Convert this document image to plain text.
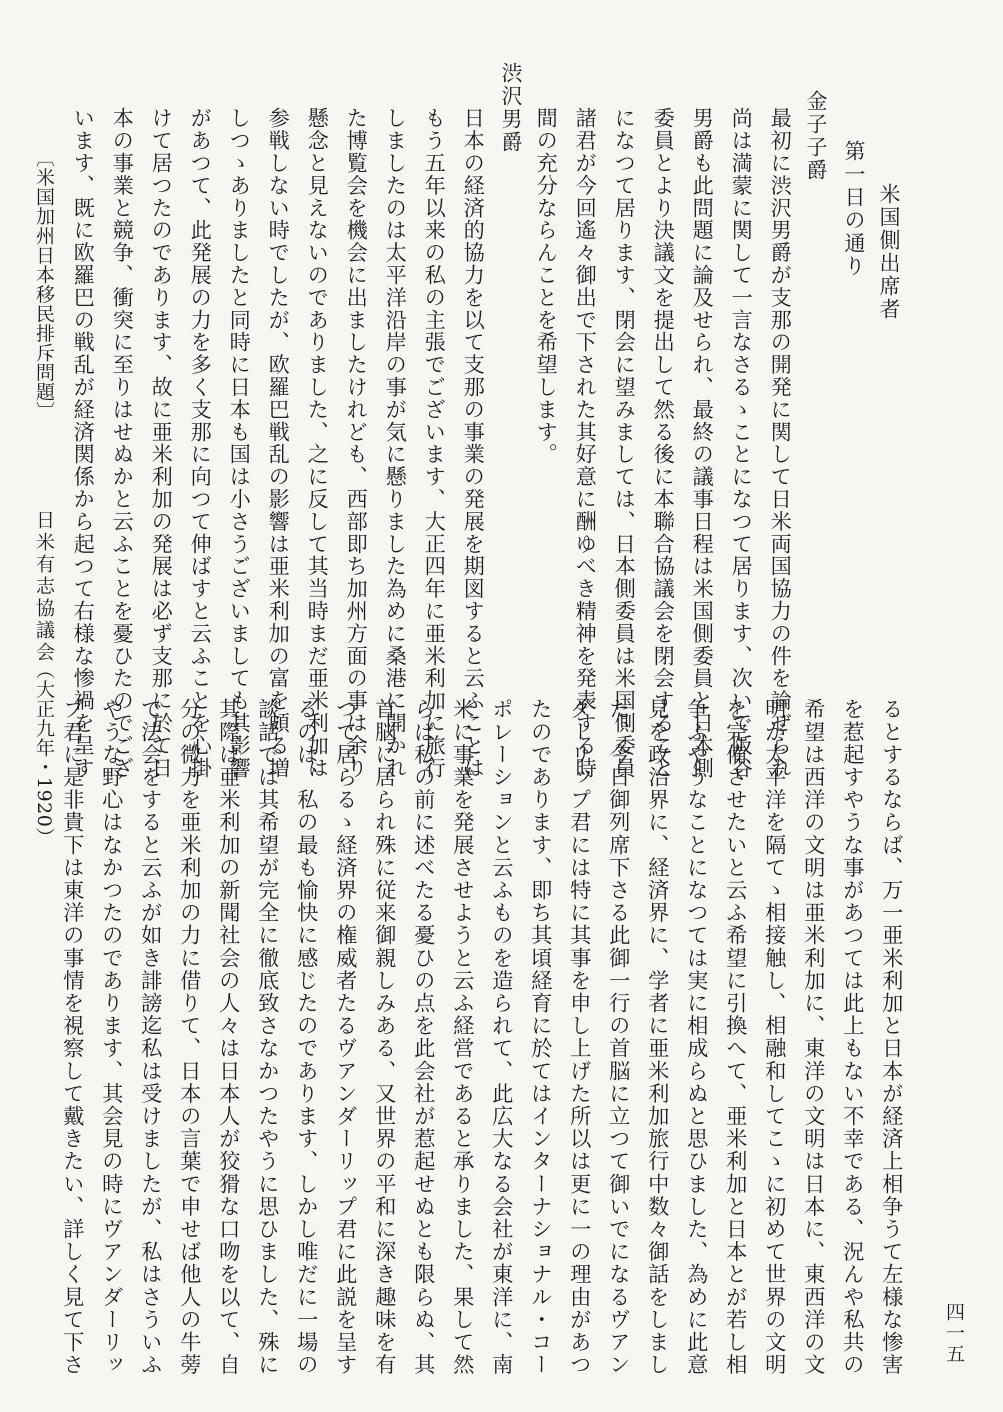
米国側出席者
第一日の通り
金子子爵
最初に渋沢男爵が支那の開発に関して日米両国協力の件を論ぜられ
尚は満蒙に関して一言なさるゝことになつて居ります、次いで阪谷
男爵も此問題に論及せられ、最終の議事日程は米国側委員と日本側
委員とより決議文を提出して然る後に本聯合協議会を閉会すること
になつて居ります、閉会に望みましては、日本側委員は米国側委員
諸君が今回遙々御出で下された其好意に酬ゆべき精神を発表する時
間の充分ならんことを希望します。
渋沢男爵
日本の経済的協力を以て支那の事業の発展を期図すると云ふことは
もう五年以来の私の主張でございます、大正四年に亜米利加に旅行
しましたのは太平洋沿岸の事が気に懸りました為めに桑港に開かれ
た博覧会を機会に出ましたけれども、西部即ち加州方面の事は余り
懸念と見えないのでありました、之に反して其当時まだ亜米利加は
参戦しない時でしたが、欧羅巴戦乱の影響は亜米利加の富を頗る増
しつゝありましたと同時に日本も国は小さうございましても其影響
があつて、此発展の力を多く支那に向つて伸ばすと云ふことを心掛
けて居つたのであります、故に亜米利加の発展は必ず支那に於て日
本の事業と競争、衝突に至りはせぬかと云ふことを憂ひたのでござ
います、既に欧羅巴の戦乱が経済関係から起つて右様な惨禍を呈す
〔米国加州日本移民排斥問題〕
日米有志協議会
（大正九年・1920）	るとするならば、万一亜米利加と日本が経済上相争うて左様な惨害
を惹起すやうな事があつては此上もない不幸である、況んや私共の
希望は西洋の文明は亜米利加に、東洋の文明は日本に、東西洋の文
明が太平洋を隔てゝ相接触し、相融和してこゝに初めて世界の文明
を完備させたいと云ふ希望に引換へて、亜米利加と日本とが若し相
争ふやうなことになつては実に相成らぬと思ひました、為めに此意
見を政治界に、経済界に、学者に亜米利加旅行中数々御話をしまし
た、今日御列席下さる此御一行の首脳に立つて御いでになるヴアン
ダーリップ君には特に其事を申し上げた所以は更に一の理由があつ
たのであります、即ち其頃経育に於てはインターナショナル・コー
ポレーションと云ふものを造られて、此広大なる会社が東洋に、南
米に事業を発展させようと云ふ経営であると承りました、果して然
らば私の前に述べたる憂ひの点を此会社が惹起せぬとも限らぬ、其
首脳に居られ殊に従来御親しみある、又世界の平和に深き趣味を有
つて居らるゝ経済界の権威者たるヴアンダーリップ君に此説を呈す
るのは、私の最も愉快に感じたのであります、しかし唯だに一場の
談話では其希望が完全に徹底致さなかつたやうに思ひました、殊に
其際は亜米利加の新聞社会の人々は日本人が狡猾な口吻を以て、自
分の微力を亜米利加の力に借りて、日本の言葉で申せば他人の牛蒡
で法会をすると云ふが如き誹謗迄私は受けましたが、私はさういふ
やうな野心はなかつたのであります、其会見の時にヴアンダーリッ
プ君に是非貴下は東洋の事情を視察して戴きたい、詳しく見て下さ	四一五
